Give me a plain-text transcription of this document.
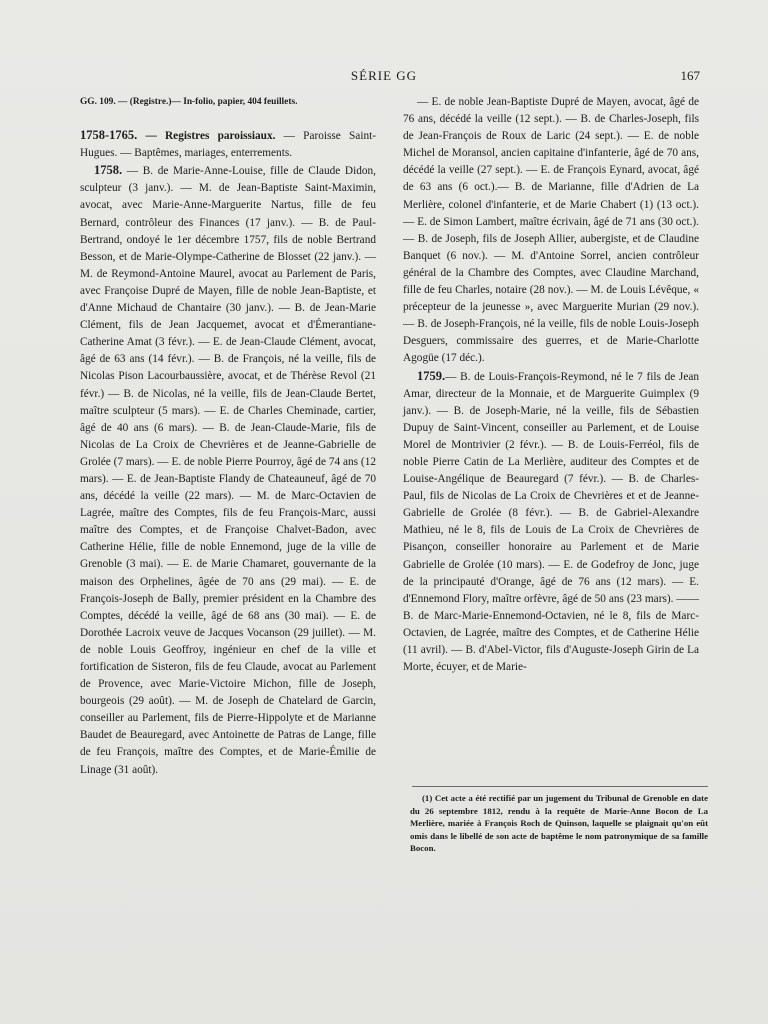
SÉRIE GG	167

GG. 109. — (Registre.)— In-folio, papier, 404 feuillets.

1758-1765. — Registres paroissiaux. — Paroisse Saint-Hugues. — Baptêmes, mariages, enterrements.

1758. — B. de Marie-Anne-Louise, fille de Claude Didon, sculpteur (3 janv.). — M. de Jean-Baptiste Saint-Maximin, avocat, avec Marie-Anne-Marguerite Nartus, fille de feu Bernard, contrôleur des Finances (17 janv.). — B. de Paul-Bertrand, ondoyé le 1er décembre 1757, fils de noble Bertrand Besson, et de Marie-Olympe-Catherine de Blosset (22 janv.). — M. de Reymond-Antoine Maurel, avocat au Parlement de Paris, avec Françoise Dupré de Mayen, fille de noble Jean-Baptiste, et d'Anne Michaud de Chantaire (30 janv.). — B. de Jean-Marie Clément, fils de Jean Jacquemet, avocat et d'Émerantiane-Catherine Amat (3 févr.). — E. de Jean-Claude Clément, avocat, âgé de 63 ans (14 févr.). — B. de François, né la veille, fils de Nicolas Pison Lacourbaussière, avocat, et de Thérèse Revol (21 févr.) — B. de Nicolas, né la veille, fils de Jean-Claude Bertet, maître sculpteur (5 mars). — E. de Charles Cheminade, cartier, âgé de 40 ans (6 mars). — B. de Jean-Claude-Marie, fils de Nicolas de La Croix de Chevrières et de Jeanne-Gabrielle de Grolée (7 mars). — E. de noble Pierre Pourroy, âgé de 74 ans (12 mars). — E. de Jean-Baptiste Flandy de Chateauneuf, âgé de 70 ans, décédé la veille (22 mars). — M. de Marc-Octavien de Lagrée, maître des Comptes, fils de feu François-Marc, aussi maître des Comptes, et de Françoise Chalvet-Badon, avec Catherine Hélie, fille de noble Ennemond, juge de la ville de Grenoble (3 mai). — E. de Marie Chamaret, gouvernante de la maison des Orphelines, âgée de 70 ans (29 mai). — E. de François-Joseph de Bally, premier président en la Chambre des Comptes, décédé la veille, âgé de 68 ans (30 mai). — E. de Dorothée Lacroix veuve de Jacques Vocanson (29 juillet). — M. de noble Louis Geoffroy, ingénieur en chef de la ville et fortification de Sisteron, fils de feu Claude, avocat au Parlement de Provence, avec Marie-Victoire Michon, fille de Joseph, bourgeois (29 août). — M. de Joseph de Chatelard de Garcin, conseiller au Parlement, fils de Pierre-Hippolyte et de Marianne Baudet de Beauregard, avec Antoinette de Patras de Lange, fille de feu François, maître des Comptes, et de Marie-Émilie de Linage (31 août).

— E. de noble Jean-Baptiste Dupré de Mayen, avocat, âgé de 76 ans, décédé la veille (12 sept.). — B. de Charles-Joseph, fils de Jean-François de Roux de Laric (24 sept.). — E. de noble Michel de Moransol, ancien capitaine d'infanterie, âgé de 70 ans, décédé la veille (27 sept.). — E. de François Eynard, avocat, âgé de 63 ans (6 oct.).— B. de Marianne, fille d'Adrien de La Merlière, colonel d'infanterie, et de Marie Chabert (1) (13 oct.). — E. de Simon Lambert, maître écrivain, âgé de 71 ans (30 oct.). — B. de Joseph, fils de Joseph Allier, aubergiste, et de Claudine Banquet (6 nov.). — M. d'Antoine Sorrel, ancien contrôleur général de la Chambre des Comptes, avec Claudine Marchand, fille de feu Charles, notaire (28 nov.). — M. de Louis Lévêque, « précepteur de la jeunesse », avec Marguerite Murian (29 nov.). — B. de Joseph-François, né la veille, fils de noble Louis-Joseph Desguers, commissaire des guerres, et de Marie-Charlotte Agogüe (17 déc.).

1759.— B. de Louis-François-Reymond, né le 7 fils de Jean Amar, directeur de la Monnaie, et de Marguerite Guimplex (9 janv.). — B. de Joseph-Marie, né la veille, fils de Sébastien Dupuy de Saint-Vincent, conseiller au Parlement, et de Louise Morel de Montrivier (2 févr.). — B. de Louis-Ferréol, fils de noble Pierre Catin de La Merlière, auditeur des Comptes et de Louise-Angélique de Beauregard (7 févr.). — B. de Charles-Paul, fils de Nicolas de La Croix de Chevrières et et de Jeanne-Gabrielle de Grolée (8 févr.). — B. de Gabriel-Alexandre Mathieu, né le 8, fils de Louis de La Croix de Chevrières de Pisançon, conseiller honoraire au Parlement et de Marie Gabrielle de Grolée (10 mars). — E. de Godefroy de Jonc, juge de la principauté d'Orange, âgé de 76 ans (12 mars). — E. d'Ennemond Flory, maître orfèvre, âgé de 50 ans (23 mars). —— B. de Marc-Marie-Ennemond-Octavien, né le 8, fils de Marc-Octavien, de Lagrée, maître des Comptes, et de Catherine Hélie (11 avril). — B. d'Abel-Victor, fils d'Auguste-Joseph Girin de La Morte, écuyer, et de Marie-

(1) Cet acte a été rectifié par un jugement du Tribunal de Grenoble en date du 26 septembre 1812, rendu à la requête de Marie-Anne Bocon de La Merlière, mariée à François Roch de Quinson, laquelle se plaignait qu'on eût omis dans le libellé de son acte de baptême le nom patronymique de sa famille Bocon.
